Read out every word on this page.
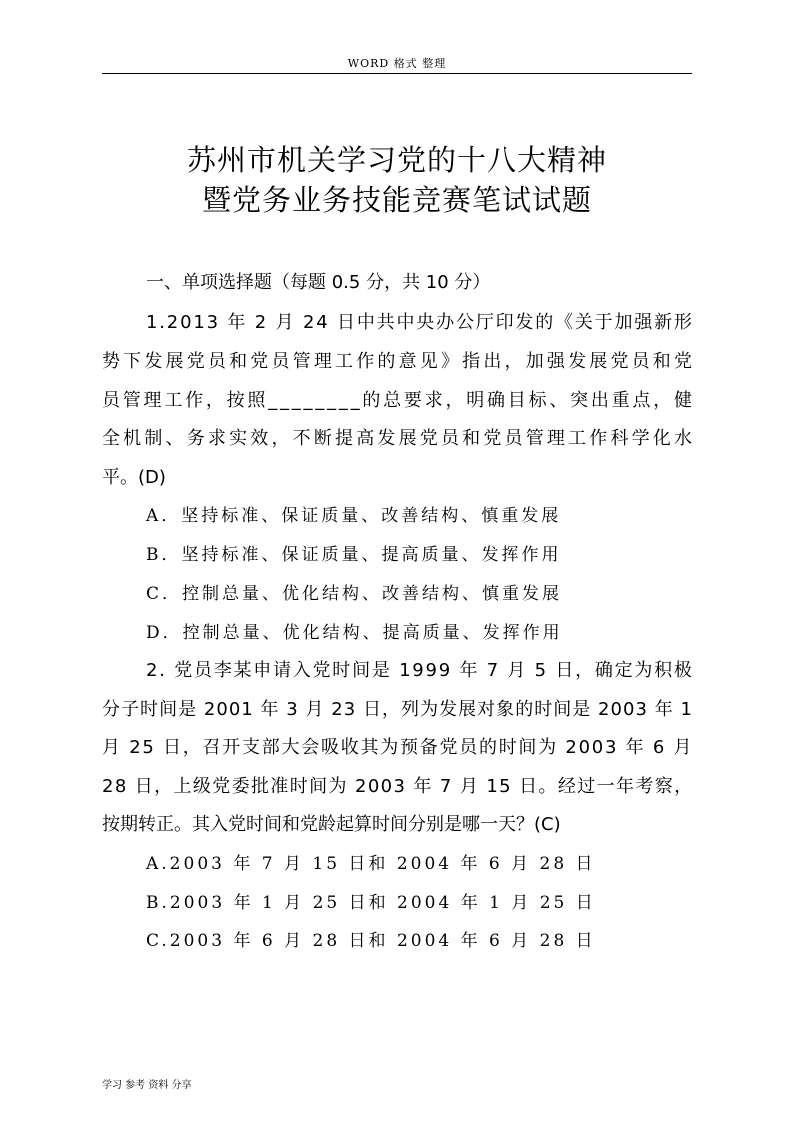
WORD 格式 整理
苏州市机关学习党的十八大精神
暨党务业务技能竞赛笔试试题
一、单项选择题（每题 0.5 分，共 10 分）
1.2013 年 2 月 24 日中共中央办公厅印发的《关于加强新形
势下发展党员和党员管理工作的意见》指出，加强发展党员和党
员管理工作，按照________的总要求，明确目标、突出重点，健
全机制、务求实效，不断提高发展党员和党员管理工作科学化水
平。(D)
A．坚持标准、保证质量、改善结构、慎重发展
B．坚持标准、保证质量、提高质量、发挥作用
C．控制总量、优化结构、改善结构、慎重发展
D．控制总量、优化结构、提高质量、发挥作用
2. 党员李某申请入党时间是 1999 年 7 月 5 日，确定为积极
分子时间是 2001 年 3 月 23 日，列为发展对象的时间是 2003 年 1
月 25 日，召开支部大会吸收其为预备党员的时间为 2003 年 6 月
28 日，上级党委批准时间为 2003 年 7 月 15 日。经过一年考察，
按期转正。其入党时间和党龄起算时间分别是哪一天？(C)
A.2003 年 7 月 15 日和 2004 年 6 月 28 日
B.2003 年 1 月 25 日和 2004 年 1 月 25 日
C.2003 年 6 月 28 日和 2004 年 6 月 28 日
学习 参考 资料 分享
